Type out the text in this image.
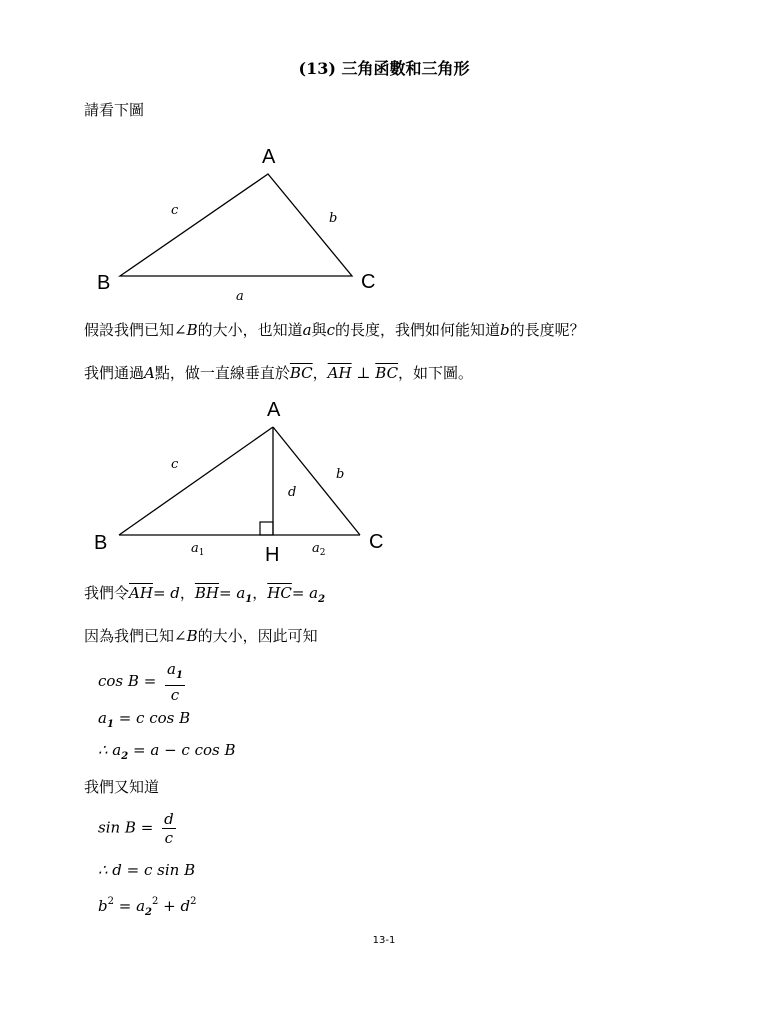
(13) 三角函數和三角形
請看下圖
A
B	C
c
b
a
假設我們已知∠B的大小，也知道a與c的長度，我們如何能知道b的長度呢？
我們通過A點，做一直線垂直於$\overline{BC}$，$\overline{AH}$ ⊥ $\overline{BC}$，如下圖。
A
B	C
H
c
b
d
$a_1$	$a_2$
我們令$\overline{AH}= d$，$\overline{BH}= a_1$，$\overline{HC}= a_2$
因為我們已知∠B的大小，因此可知
$\cos B = \frac{a_1}{c}$
$a_1 = c$ cos B
∴ $a_2 = a - c$ cos B
我們又知道
$\sin B = \frac{d}{c}$
∴ d = c sin B
$b^2 = a_2^2 + d^2$
13-1
